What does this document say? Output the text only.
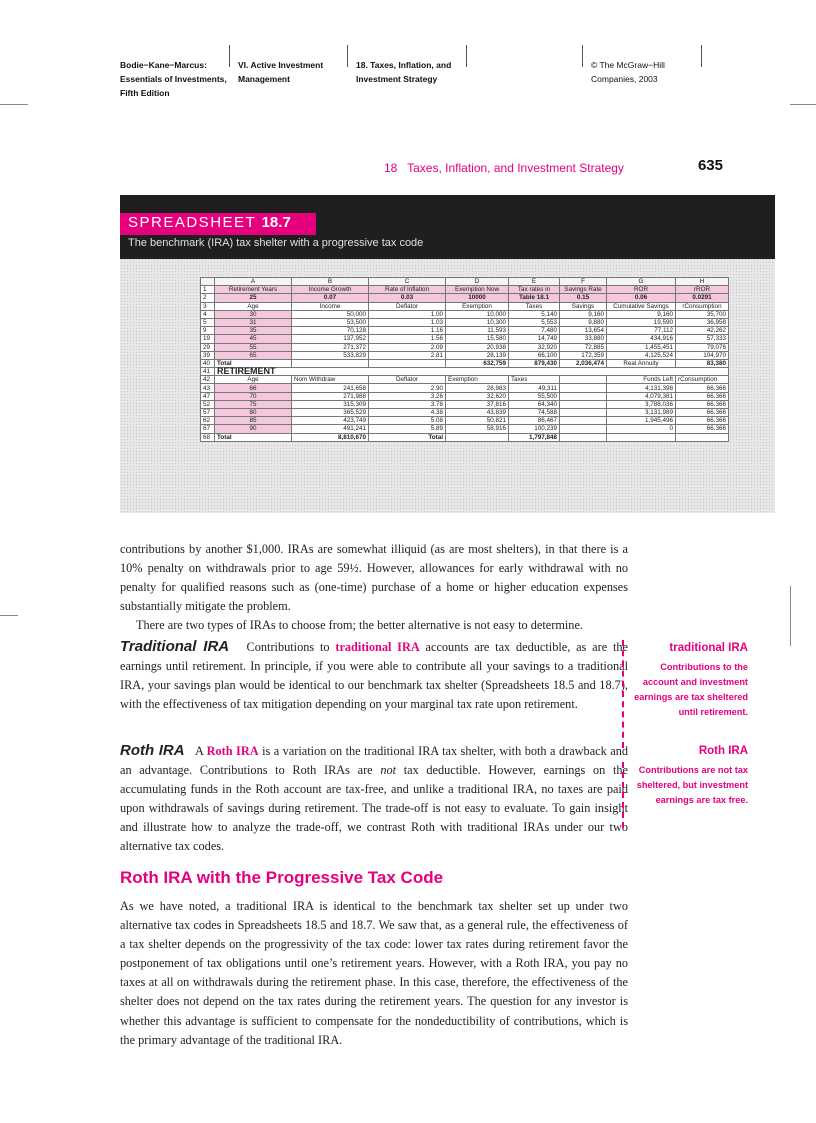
Bodie−Kane−Marcus:
Essentials of Investments,
Fifth Edition
VI. Active Investment
Management
18. Taxes, Inflation, and
Investment Strategy
© The McGraw−Hill
Companies, 2003
18   Taxes, Inflation, and Investment Strategy	635
SPREADSHEET 18.7
The benchmark (IRA) tax shelter with a progressive tax code
	A	B	C	D	E	F	G	H
1	Retirement Years	Income Growth	Rate of Inflation	Exemption Now	Tax rates in	Savings Rate	ROR	rROR
2	25	0.07	0.03	10000	Table 18.1	0.15	0.06	0.0291
3	Age	Income	Deflator	Exemption	Taxes	Savings	Cumulative Savings	rConsumption
4	30	50,000	1.00	10,000	5,140	9,160	9,160	35,700
5	31	53,500	1.03	10,300	5,553	9,880	19,590	36,958
9	35	70,128	1.16	11,593	7,480	13,654	77,112	42,262
19	45	137,952	1.56	15,580	14,749	33,880	434,916	57,333
29	55	271,372	2.09	20,938	32,920	72,885	1,455,451	79,076
39	65	533,829	2.81	28,139	66,100	172,359	4,125,524	104,970
40	Total			632,759	879,430	2,036,474	Real Annuity	83,380
41	RETIREMENT							
42	Age	Nom Withdraw	Deflator	Exemption	Taxes		Funds Left	rConsumption
43	66	241,658	2.90	28,983	49,311		4,131,398	66,366
47	70	271,988	3.26	32,620	55,500		4,079,381	66,366
52	75	315,309	3.78	37,816	64,340		3,788,036	66,366
57	80	365,529	4.38	43,839	74,588		3,131,989	66,366
62	85	423,749	5.08	50,821	86,467		1,945,496	66,366
67	90	491,241	5.89	58,916	100,239		0	66,366
68	Total	8,810,670	Total		1,797,848			

contributions by another $1,000. IRAs are somewhat illiquid (as are most shelters), in that there is a 10% penalty on withdrawals prior to age 59½. However, allowances for early withdrawal with no penalty for qualified reasons such as (one-time) purchase of a home or higher education expenses substantially mitigate the problem.

There are two types of IRAs to choose from; the better alternative is not easy to determine.

Traditional IRA Contributions to traditional IRA accounts are tax deductible, as are the earnings until retirement. In principle, if you were able to contribute all your savings to a traditional IRA, your savings plan would be identical to our benchmark tax shelter (Spreadsheets 18.5 and 18.7), with the effectiveness of tax mitigation depending on your marginal tax rate upon retirement.

Roth IRA A Roth IRA is a variation on the traditional IRA tax shelter, with both a drawback and an advantage. Contributions to Roth IRAs are not tax deductible. However, earnings on the accumulating funds in the Roth account are tax-free, and unlike a traditional IRA, no taxes are paid upon withdrawals of savings during retirement. The trade-off is not easy to evaluate. To gain insight and illustrate how to analyze the trade-off, we contrast Roth with traditional IRAs under our two alternative tax codes.

Roth IRA with the Progressive Tax Code

As we have noted, a traditional IRA is identical to the benchmark tax shelter set up under two alternative tax codes in Spreadsheets 18.5 and 18.7. We saw that, as a general rule, the effectiveness of a tax shelter depends on the progressivity of the tax code: lower tax rates during retirement favor the postponement of tax obligations until one’s retirement years. However, with a Roth IRA, you pay no taxes at all on withdrawals during the retirement phase. In this case, therefore, the effectiveness of the shelter does not depend on the tax rates during the retirement years. The question for any investor is whether this advantage is sufficient to compensate for the nondeductibility of contributions, which is the primary advantage of the traditional IRA.

traditional IRA
Contributions to the account and investment earnings are tax sheltered until retirement.
Roth IRA
Contributions are not tax sheltered, but investment earnings are tax free.
